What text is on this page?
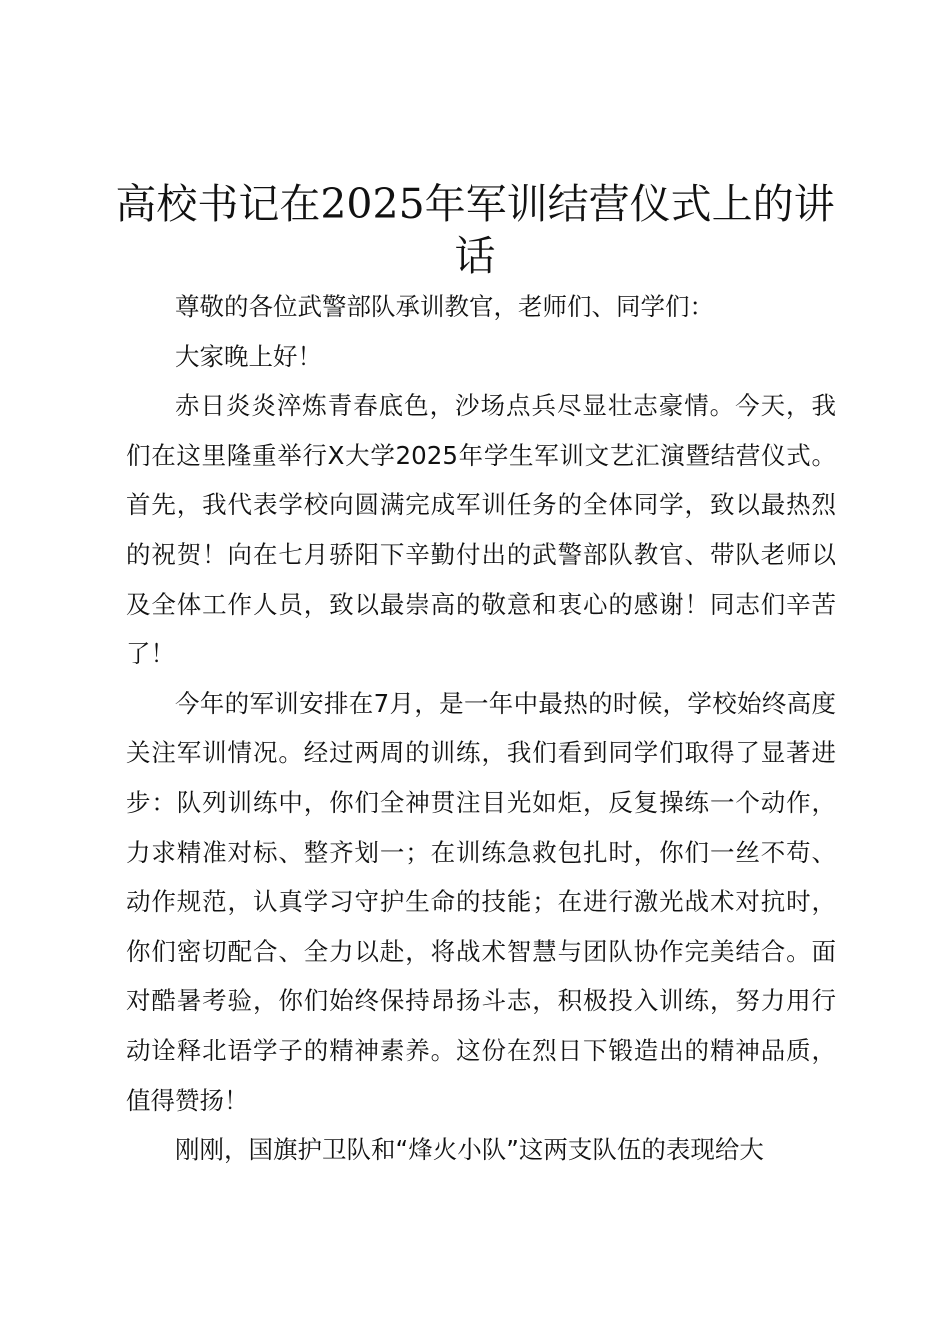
高校书记在2025年军训结营仪式上的讲话

尊敬的各位武警部队承训教官，老师们、同学们：

大家晚上好！

赤日炎炎淬炼青春底色，沙场点兵尽显壮志豪情。今天，我们在这里隆重举行X大学2025年学生军训文艺汇演暨结营仪式。首先，我代表学校向圆满完成军训任务的全体同学，致以最热烈的祝贺！向在七月骄阳下辛勤付出的武警部队教官、带队老师以及全体工作人员，致以最崇高的敬意和衷心的感谢！同志们辛苦了！

今年的军训安排在7月，是一年中最热的时候，学校始终高度关注军训情况。经过两周的训练，我们看到同学们取得了显著进步：队列训练中，你们全神贯注目光如炬，反复操练一个动作，力求精准对标、整齐划一；在训练急救包扎时，你们一丝不苟、动作规范，认真学习守护生命的技能；在进行激光战术对抗时，你们密切配合、全力以赴，将战术智慧与团队协作完美结合。面对酷暑考验，你们始终保持昂扬斗志，积极投入训练，努力用行动诠释北语学子的精神素养。这份在烈日下锻造出的精神品质，值得赞扬！

刚刚，国旗护卫队和“烽火小队”这两支队伍的表现给大
